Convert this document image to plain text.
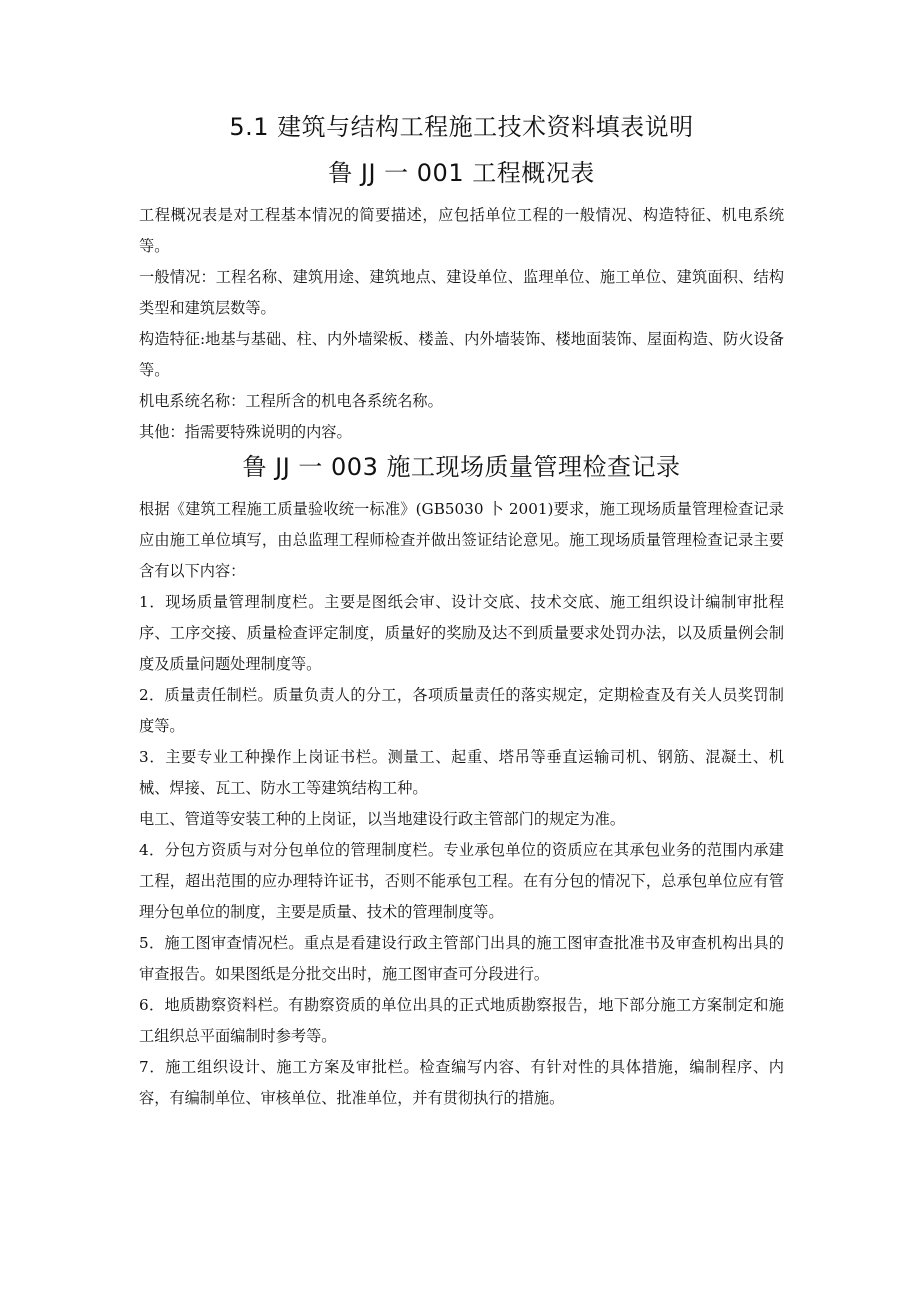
5.1 建筑与结构工程施工技术资料填表说明
鲁 JJ 一 001 工程概况表

工程概况表是对工程基本情况的简要描述，应包括单位工程的一般情况、构造特征、机电系统等。

一般情况：工程名称、建筑用途、建筑地点、建设单位、监理单位、施工单位、建筑面积、结构类型和建筑层数等。

构造特征:地基与基础、柱、内外墙梁板、楼盖、内外墙装饰、楼地面装饰、屋面构造、防火设备等。

机电系统名称：工程所含的机电各系统名称。

其他：指需要特殊说明的内容。

鲁 JJ 一 003 施工现场质量管理检查记录

根据《建筑工程施工质量验收统一标准》(GB5030 卜 2001)要求，施工现场质量管理检查记录应由施工单位填写，由总监理工程师检查并做出签证结论意见。施工现场质量管理检查记录主要含有以下内容：

1．现场质量管理制度栏。主要是图纸会审、设计交底、技术交底、施工组织设计编制审批程序、工序交接、质量检查评定制度，质量好的奖励及达不到质量要求处罚办法，以及质量例会制度及质量问题处理制度等。

2．质量责任制栏。质量负责人的分工，各项质量责任的落实规定，定期检查及有关人员奖罚制度等。

3．主要专业工种操作上岗证书栏。测量工、起重、塔吊等垂直运输司机、钢筋、混凝土、机械、焊接、瓦工、防水工等建筑结构工种。

电工、管道等安装工种的上岗证，以当地建设行政主管部门的规定为准。

4．分包方资质与对分包单位的管理制度栏。专业承包单位的资质应在其承包业务的范围内承建工程，超出范围的应办理特许证书，否则不能承包工程。在有分包的情况下，总承包单位应有管理分包单位的制度，主要是质量、技术的管理制度等。

5．施工图审查情况栏。重点是看建设行政主管部门出具的施工图审查批准书及审查机构出具的审查报告。如果图纸是分批交出时，施工图审查可分段进行。

6．地质勘察资料栏。有勘察资质的单位出具的正式地质勘察报告，地下部分施工方案制定和施工组织总平面编制时参考等。

7．施工组织设计、施工方案及审批栏。检查编写内容、有针对性的具体措施，编制程序、内容，有编制单位、审核单位、批准单位，并有贯彻执行的措施。
